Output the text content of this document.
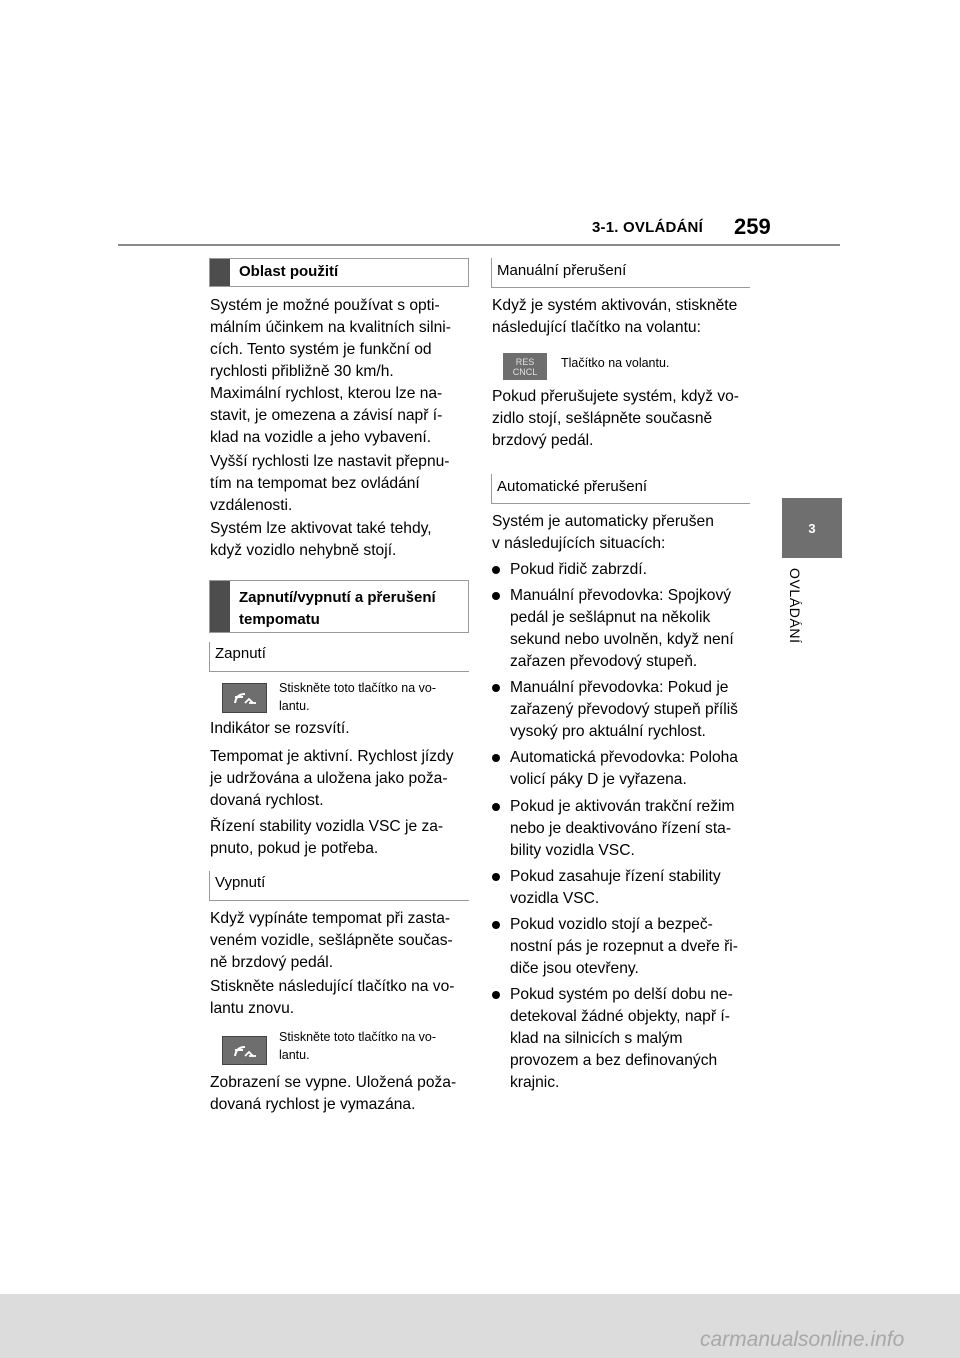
3-1. OVLÁDÁNÍ 259
3
OVLÁDÁNÍ
Oblast použití
Systém je možné používat s opti-
málním účinkem na kvalitních silni-
cích. Tento systém je funkční od
rychlosti přibližně 30 km/h.
Maximální rychlost, kterou lze na-
stavit, je omezena a závisí např í-
klad na vozidle a jeho vybavení.
Vyšší rychlosti lze nastavit přepnu-
tím na tempomat bez ovládání
vzdálenosti.
Systém lze aktivovat také tehdy,
když vozidlo nehybně stojí.
Zapnutí/vypnutí a přerušení
tempomatu
Zapnutí
Stiskněte toto tlačítko na vo-
lantu.
Indikátor se rozsvítí.
Tempomat je aktivní. Rychlost jízdy
je udržována a uložena jako poža-
dovaná rychlost.
Řízení stability vozidla VSC je za-
pnuto, pokud je potřeba.
Vypnutí
Když vypínáte tempomat při zasta-
veném vozidle, sešlápněte součas-
ně brzdový pedál.
Stiskněte následující tlačítko na vo-
lantu znovu.
Stiskněte toto tlačítko na vo-
lantu.
Zobrazení se vypne. Uložená poža-
dovaná rychlost je vymazána.
Manuální přerušení
Když je systém aktivován, stiskněte
následující tlačítko na volantu:
RES
CNCL
Tlačítko na volantu.
Pokud přerušujete systém, když vo-
zidlo stojí, sešlápněte současně
brzdový pedál.
Automatické přerušení
Systém je automaticky přerušen
v následujících situacích:
Pokud řidič zabrzdí.
Manuální převodovka: Spojkový
pedál je sešlápnut na několik
sekund nebo uvolněn, když není
zařazen převodový stupeň.
Manuální převodovka: Pokud je
zařazený převodový stupeň příliš
vysoký pro aktuální rychlost.
Automatická převodovka: Poloha
volicí páky D je vyřazena.
Pokud je aktivován trakční režim
nebo je deaktivováno řízení sta-
bility vozidla VSC.
Pokud zasahuje řízení stability
vozidla VSC.
Pokud vozidlo stojí a bezpeč-
nostní pás je rozepnut a dveře ři-
diče jsou otevřeny.
Pokud systém po delší dobu ne-
detekoval žádné objekty, např í-
klad na silnicích s malým
provozem a bez definovaných
krajnic.
carmanualsonline.info
